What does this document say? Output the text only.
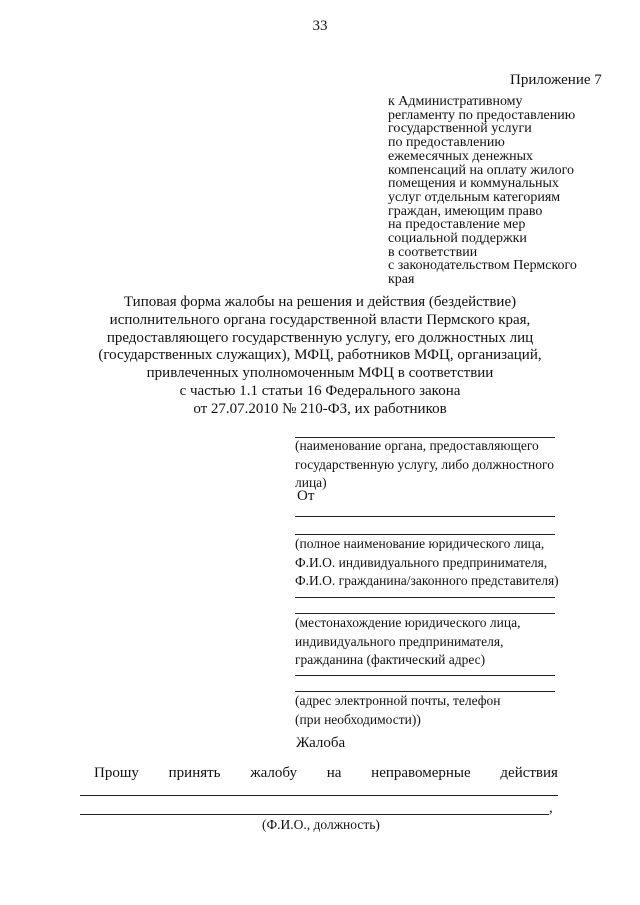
33
Приложение 7
к Административному
регламенту по предоставлению
государственной услуги
по предоставлению
ежемесячных денежных
компенсаций на оплату жилого
помещения и коммунальных
услуг отдельным категориям
граждан, имеющим право
на предоставление мер
социальной поддержки
в соответствии
с законодательством Пермского
края
Типовая форма жалобы на решения и действия (бездействие)
исполнительного органа государственной власти Пермского края,
предоставляющего государственную услугу, его должностных лиц
(государственных служащих), МФЦ, работников МФЦ, организаций,
привлеченных уполномоченным МФЦ в соответствии
с частью 1.1 статьи 16 Федерального закона
от 27.07.2010 № 210-ФЗ, их работников
(наименование органа, предоставляющего
государственную услугу, либо должностного
лица)
От
(полное наименование юридического лица,
Ф.И.О. индивидуального предпринимателя,
Ф.И.О. гражданина/законного представителя)
(местонахождение юридического лица,
индивидуального предпринимателя,
гражданина (фактический адрес)
(адрес электронной почты, телефон
(при необходимости))
Жалоба
Прошу принять жалобу на неправомерные действия
,
(Ф.И.О., должность)
